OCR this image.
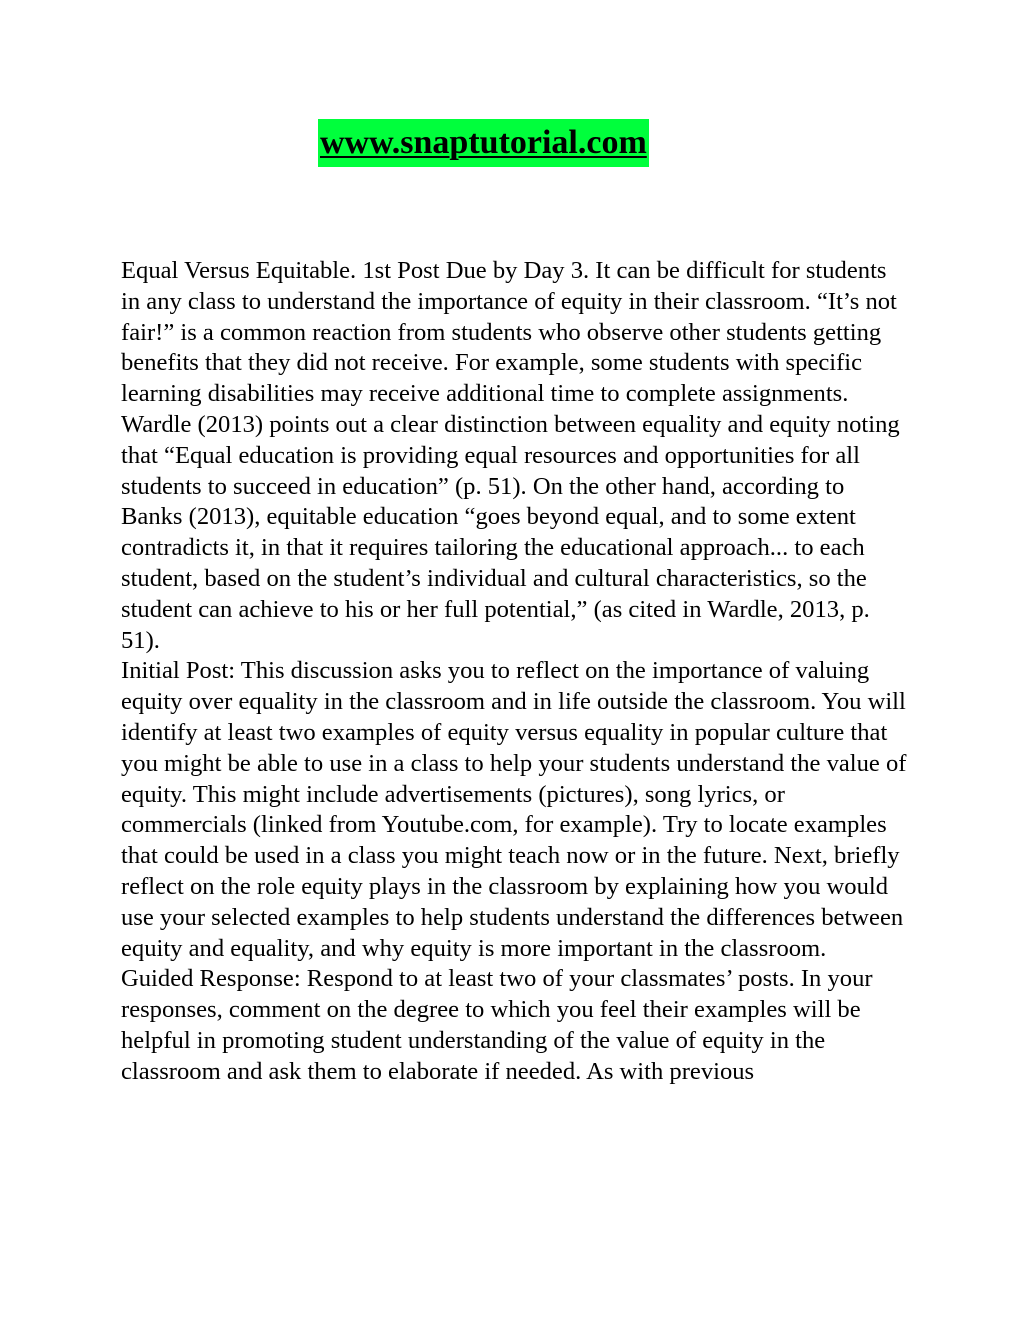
www.snaptutorial.com

Equal Versus Equitable. 1st Post Due by Day 3. It can be difficult for students in any class to understand the importance of equity in their classroom. “It’s not fair!” is a common reaction from students who observe other students getting benefits that they did not receive. For example, some students with specific learning disabilities may receive additional time to complete assignments. Wardle (2013) points out a clear distinction between equality and equity noting that “Equal education is providing equal resources and opportunities for all students to succeed in education” (p. 51). On the other hand, according to Banks (2013), equitable education “goes beyond equal, and to some extent contradicts it, in that it requires tailoring the educational approach... to each student, based on the student’s individual and cultural characteristics, so the student can achieve to his or her full potential,” (as cited in Wardle, 2013, p. 51).

Initial Post: This discussion asks you to reflect on the importance of valuing equity over equality in the classroom and in life outside the classroom. You will identify at least two examples of equity versus equality in popular culture that you might be able to use in a class to help your students understand the value of equity. This might include advertisements (pictures), song lyrics, or commercials (linked from Youtube.com, for example). Try to locate examples that could be used in a class you might teach now or in the future. Next, briefly reflect on the role equity plays in the classroom by explaining how you would use your selected examples to help students understand the differences between equity and equality, and why equity is more important in the classroom.

Guided Response: Respond to at least two of your classmates’ posts. In your responses, comment on the degree to which you feel their examples will be helpful in promoting student understanding of the value of equity in the classroom and ask them to elaborate if needed. As with previous
